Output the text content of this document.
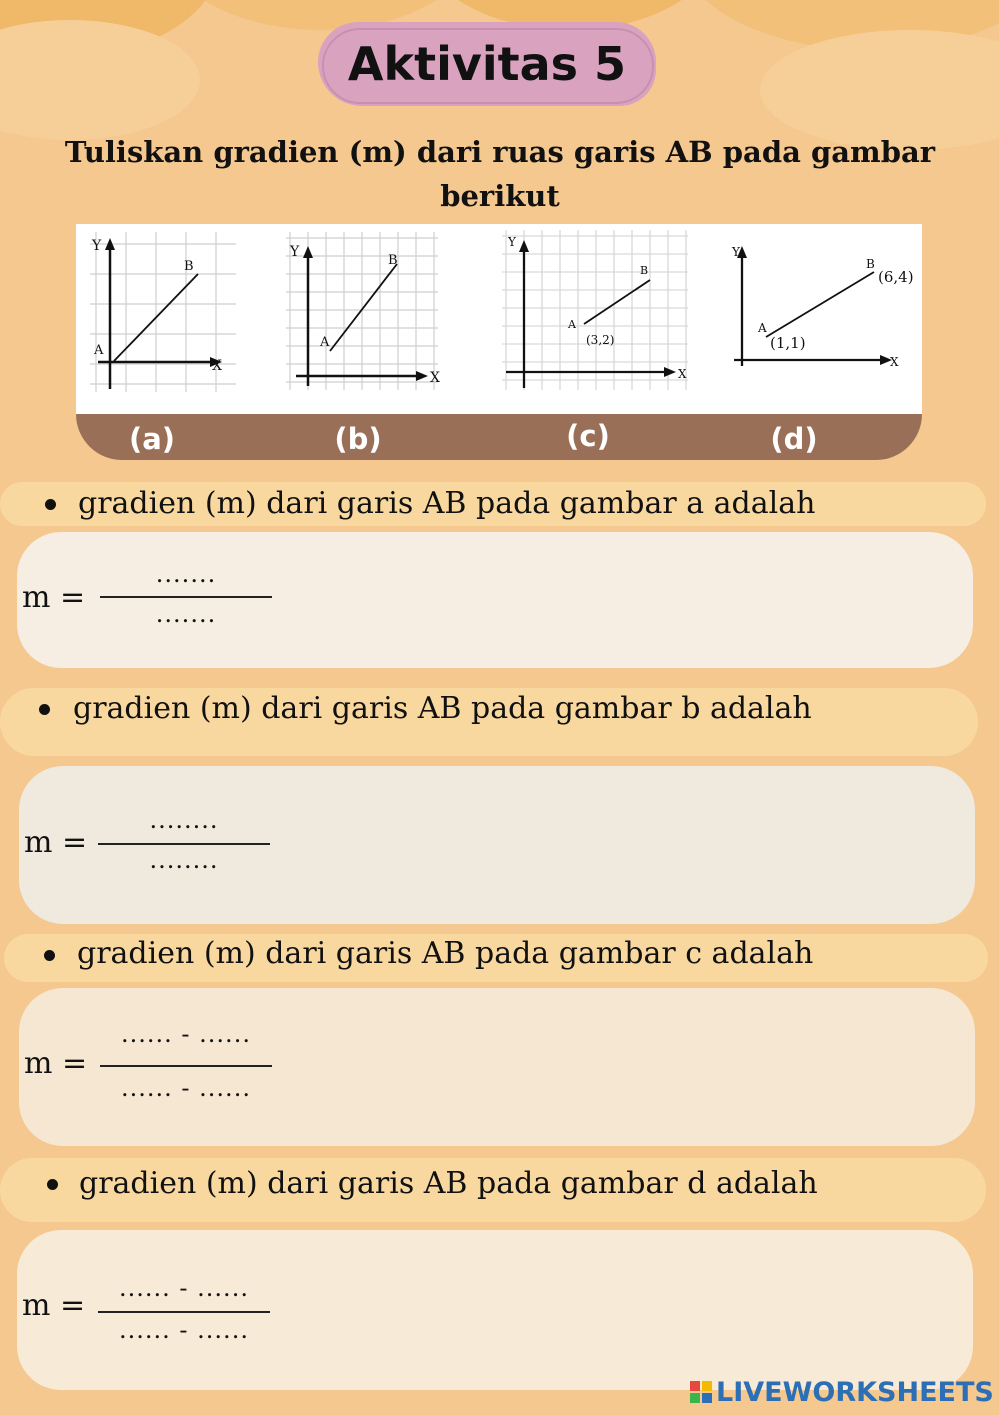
Aktivitas 5
Tuliskan gradien (m) dari ruas garis AB pada gambar berikut
Y
X
B
A
Y
X
B
A
Y
X
B
A
(3,2)
Y
X
B
(6,4)
A
(1,1)
(a)	(b)	(c)	(d)
gradien (m) dari garis AB pada gambar a adalah
m =
.......
.......
gradien (m) dari garis AB pada gambar b adalah
m =
........
........
gradien (m) dari garis AB pada gambar c adalah
m =
...... - ......
...... - ......
gradien (m) dari garis AB pada gambar d adalah
m =	...... - ......
...... - ......
LIVEWORKSHEETS
